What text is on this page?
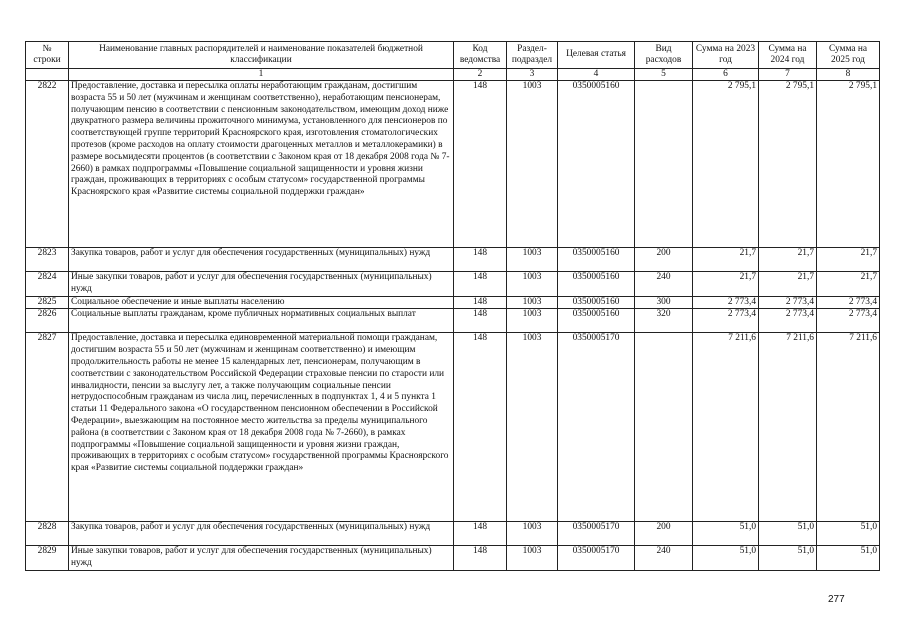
№ строки	Наименование главных распорядителей и наименование показателей бюджетной классификации	Код ведомства	Раздел-подраздел	Целевая статья	Вид расходов	Сумма на 2023 год	Сумма на 2024 год	Сумма на 2025 год
	1	2	3	4	5	6	7	8
2822	Предоставление, доставка и пересылка оплаты неработающим гражданам, достигшим возраста 55 и 50 лет (мужчинам и женщинам соответственно), неработающим пенсионерам, получающим пенсию в соответствии с пенсионным законодательством, имеющим доход ниже двукратного размера величины прожиточного минимума, установленного для пенсионеров по соответствующей группе территорий Красноярского края, изготовления стоматологических протезов (кроме расходов на оплату стоимости драгоценных металлов и металлокерамики) в размере восьмидесяти процентов (в соответствии с Законом края от 18 декабря 2008 года № 7-2660) в рамках подпрограммы «Повышение социальной защищенности и уровня жизни граждан, проживающих в территориях с особым статусом» государственной программы Красноярского края «Развитие системы социальной поддержки граждан»	148	1003	0350005160		2 795,1	2 795,1	2 795,1
2823	Закупка товаров, работ и услуг для обеспечения государственных (муниципальных) нужд	148	1003	0350005160	200	21,7	21,7	21,7
2824	Иные закупки товаров, работ и услуг для обеспечения государственных (муниципальных) нужд	148	1003	0350005160	240	21,7	21,7	21,7
2825	Социальное обеспечение и иные выплаты населению	148	1003	0350005160	300	2 773,4	2 773,4	2 773,4
2826	Социальные выплаты гражданам, кроме публичных нормативных социальных выплат	148	1003	0350005160	320	2 773,4	2 773,4	2 773,4
2827	Предоставление, доставка и пересылка единовременной материальной помощи гражданам, достигшим возраста 55 и 50 лет (мужчинам и женщинам соответственно) и имеющим продолжительность работы не менее 15 календарных лет, пенсионерам, получающим в соответствии с законодательством Российской Федерации страховые пенсии по старости или инвалидности, пенсии за выслугу лет, а также получающим социальные пенсии нетрудоспособным гражданам из числа лиц, перечисленных в подпунктах 1, 4 и 5 пункта 1 статьи 11 Федерального закона «О государственном пенсионном обеспечении в Российской Федерации», выезжающим на постоянное место жительства за пределы муниципального района (в соответствии с Законом края от 18 декабря 2008 года № 7-2660), в рамках подпрограммы «Повышение социальной защищенности и уровня жизни граждан, проживающих в территориях с особым статусом» государственной программы Красноярского края «Развитие системы социальной поддержки граждан»	148	1003	0350005170		7 211,6	7 211,6	7 211,6
2828	Закупка товаров, работ и услуг для обеспечения государственных (муниципальных) нужд	148	1003	0350005170	200	51,0	51,0	51,0
2829	Иные закупки товаров, работ и услуг для обеспечения государственных (муниципальных) нужд	148	1003	0350005170	240	51,0	51,0	51,0
277
